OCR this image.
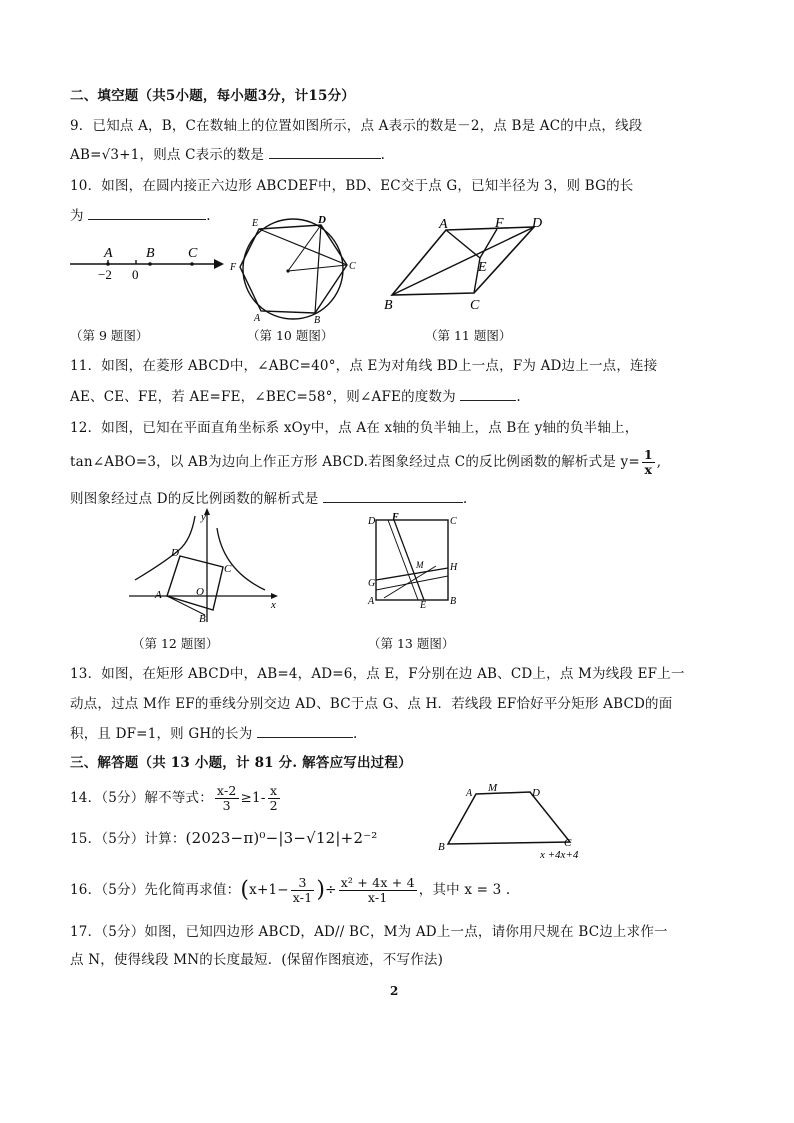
二、填空题（共5小题，每小题3分，计15分）
9．已知点 A，B，C在数轴上的位置如图所示，点 A表示的数是－2，点 B是 AC的中点，线段
AB=√3+1，则点 C表示的数是	.
10．如图，在圆内接正六边形 ABCDEF中，BD、EC交于点 G，已知半径为 3，则 BG的长
为	.
A B C
−2 0
E	D
F	C
A	B
A	F D
E
B	C
（第 9 题图）	（第 10 题图）	（第 11 题图）
11．如图，在菱形 ABCD中，∠ABC=40°，点 E为对角线 BD上一点，F为 AD边上一点，连接
AE、CE、FE，若 AE=FE，∠BEC=58°，则∠AFE的度数为	.
12．如图，已知在平面直角坐标系 xOy中，点 A在 x轴的负半轴上，点 B在 y轴的负半轴上，
tan∠ABO=3，以 AB为边向上作正方形 ABCD.若图象经过点 C的反比例函数的解析式是 $y= \frac{1}{x}$ ,
则图象经过点 D的反比例函数的解析式是	.
y
x
D
C
A	O
B
D F	C
M	H
G
A	E B
（第 12 题图）	（第 13 题图）
13．如图，在矩形 ABCD中，AB=4，AD=6，点 E，F分别在边 AB、CD上，点 M为线段 EF上一
动点，过点 M作 EF的垂线分别交边 AD、BC于点 G、点 H．若线段 EF恰好平分矩形 ABCD的面
积，且 DF=1，则 GH的长为	.
三、解答题（共 13 小题，计 81 分. 解答应写出过程）
14．（5分）解不等式： $\frac{x-2}{3} \ge 1- \frac{x}{2}$
15．（5分）计算：(2023−π)⁰−|3−√12|+2⁻²
A M	D
B	C
x +4x+4
16．（5分）先化简再求值：($x+1- \frac{3}{x-1}$ )÷ $\frac{\text{x² + 4x + 4}}{x-1}$ ，其中 x = 3 .
17．（5分）如图，已知四边形 ABCD，AD// BC，M为 AD上一点，请你用尺规在 BC边上求作一
点 N，使得线段 MN的长度最短．(保留作图痕迹，不写作法)
2
